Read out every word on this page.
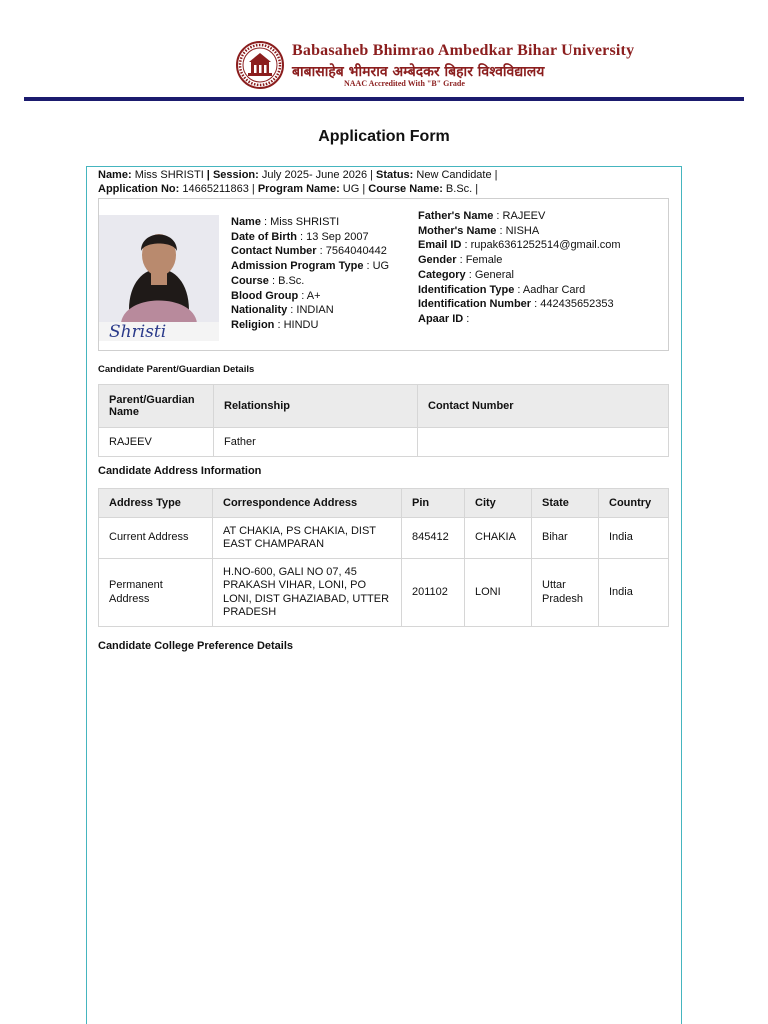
Babasaheb Bhimrao Ambedkar Bihar University
बाबासाहेब भीमराव अम्बेदकर बिहार विश्वविद्यालय
NAAC Accredited With "B" Grade
Application Form
Name: Miss SHRISTI | Session: July 2025- June 2026 | Status: New Candidate |
Application No: 14665211863 | Program Name: UG | Course Name: B.Sc. |
Shristi
Name : Miss SHRISTI
Date of Birth : 13 Sep 2007
Contact Number : 7564040442
Admission Program Type : UG
Course : B.Sc.
Blood Group : A+
Nationality : INDIAN
Religion : HINDU
Father's Name : RAJEEV
Mother's Name : NISHA
Email ID : rupak6361252514@gmail.com
Gender : Female
Category : General
Identification Type : Aadhar Card
Identification Number : 442435652353
Apaar ID :
Candidate Parent/Guardian Details
Parent/Guardian Name	Relationship	Contact Number
RAJEEV	Father	
Candidate Address Information
Address Type	Correspondence Address	Pin	City	State	Country
Current Address	AT CHAKIA, PS CHAKIA, DIST EAST CHAMPARAN	845412	CHAKIA	Bihar	India
Permanent Address	H.NO-600, GALI NO 07, 45 PRAKASH VIHAR, LONI, PO LONI, DIST GHAZIABAD, UTTER PRADESH	201102	LONI	Uttar Pradesh	India
Candidate College Preference Details
